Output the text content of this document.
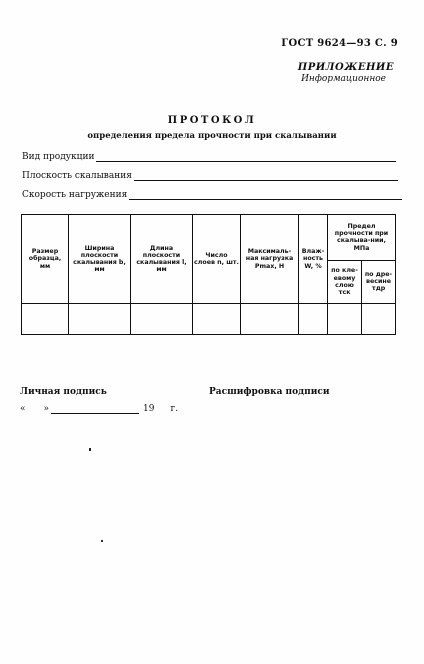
ГОСТ 9624—93 С. 9
ПРИЛОЖЕНИЕ
Информационное
ПРОТОКОЛ
определения предела прочности при скалывании
Вид продукции
Плоскость скалывания
Скорость нагружения
Размер образца, мм	Ширина плоскости скалывания b, мм	Длина плоскости скалывания l, мм	Число слоев n, шт.	Максималь-ная нагрузка Pmax, Н	Влаж-ность W, %	Предел прочности при скалыва-нии, МПа	
						по кле-евому слою τск	по дре-весине τдр

Личная подпись	Расшифровка подписи
« »	19 г.
